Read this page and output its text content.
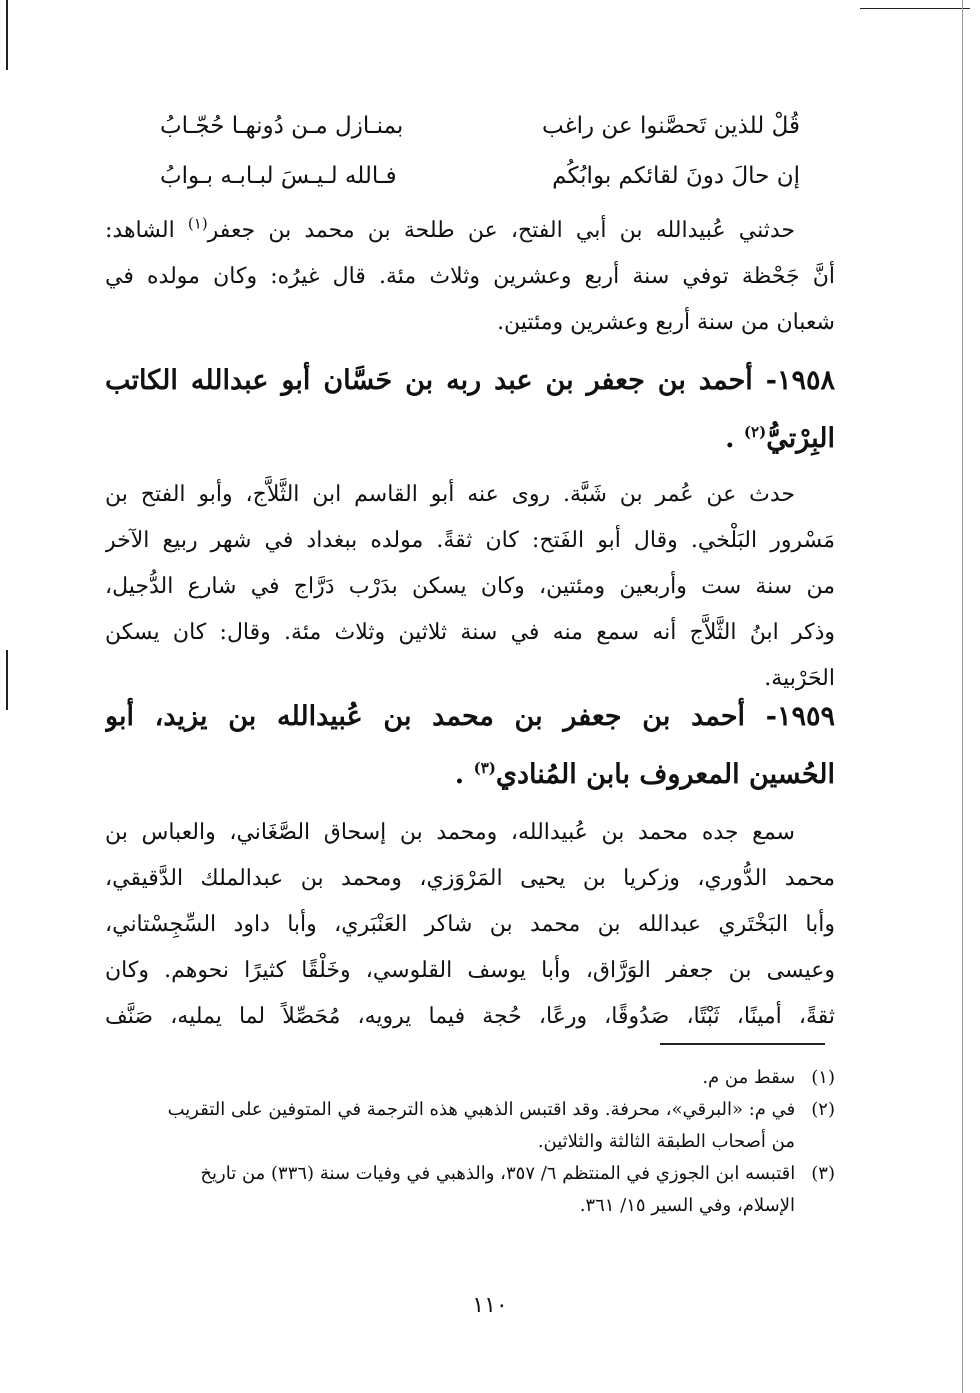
قُلْ للذين تَحصَّنوا عن راغب
بمنـازل مـن دُونهـا حُجّـابُ
إن حالَ دونَ لقائكم بوابُكُم
فـالله لـيـسَ لبـابـه بـوابُ
حدثني عُبيدالله بن أبي الفتح، عن طلحة بن محمد بن جعفر$^{(١)}$ الشاهد:
أنَّ جَحْظة توفي سنة أربع وعشرين وثلاث مئة. قال غيرُه: وكان مولده في
شعبان من سنة أربع وعشرين ومئتين.
١٩٥٨- أحمد بن جعفر بن عبد ربه بن حَسَّان أبو عبدالله الكاتب
البِرْتيُّ$^{(٢)}$ .
حدث عن عُمر بن شَبَّة. روى عنه أبو القاسم ابن الثَّلاَّج، وأبو الفتح بن
مَسْرور البَلْخي. وقال أبو الفَتح: كان ثقةً. مولده ببغداد في شهر ربيع الآخر
من سنة ست وأربعين ومئتين، وكان يسكن بدَرْب دَرَّاج في شارع الدُّجيل،
وذكر ابنُ الثَّلاَّج أنه سمع منه في سنة ثلاثين وثلاث مئة. وقال: كان يسكن
الحَرْبية.
١٩٥٩- أحمد بن جعفر بن محمد بن عُبيدالله بن يزيد، أبو
الحُسين المعروف بابن المُنادي$^{(٣)}$ .
سمع جده محمد بن عُبيدالله، ومحمد بن إسحاق الصَّغَاني، والعباس بن
محمد الدُّوري، وزكريا بن يحيى المَرْوَزي، ومحمد بن عبدالملك الدَّقيقي،
وأبا البَخْتَري عبدالله بن محمد بن شاكر العَنْبَري، وأبا داود السِّجِسْتاني،
وعيسى بن جعفر الوَرَّاق، وأبا يوسف القلوسي، وخَلْقًا كثيرًا نحوهم. وكان
ثقةً، أمينًا، ثَبْتًا، صَدُوقًا، ورعًا، حُجة فيما يرويه، مُحَصِّلاً لما يمليه، صَنَّف
(١) سقط من م.
(٢) في م: «البرقي»، محرفة. وقد اقتبس الذهبي هذه الترجمة في المتوفين على التقريب
من أصحاب الطبقة الثالثة والثلاثين.
(٣) اقتبسه ابن الجوزي في المنتظم ٦/ ٣٥٧، والذهبي في وفيات سنة (٣٣٦) من تاريخ
الإسلام، وفي السير ١٥/ ٣٦١.
١١٠
